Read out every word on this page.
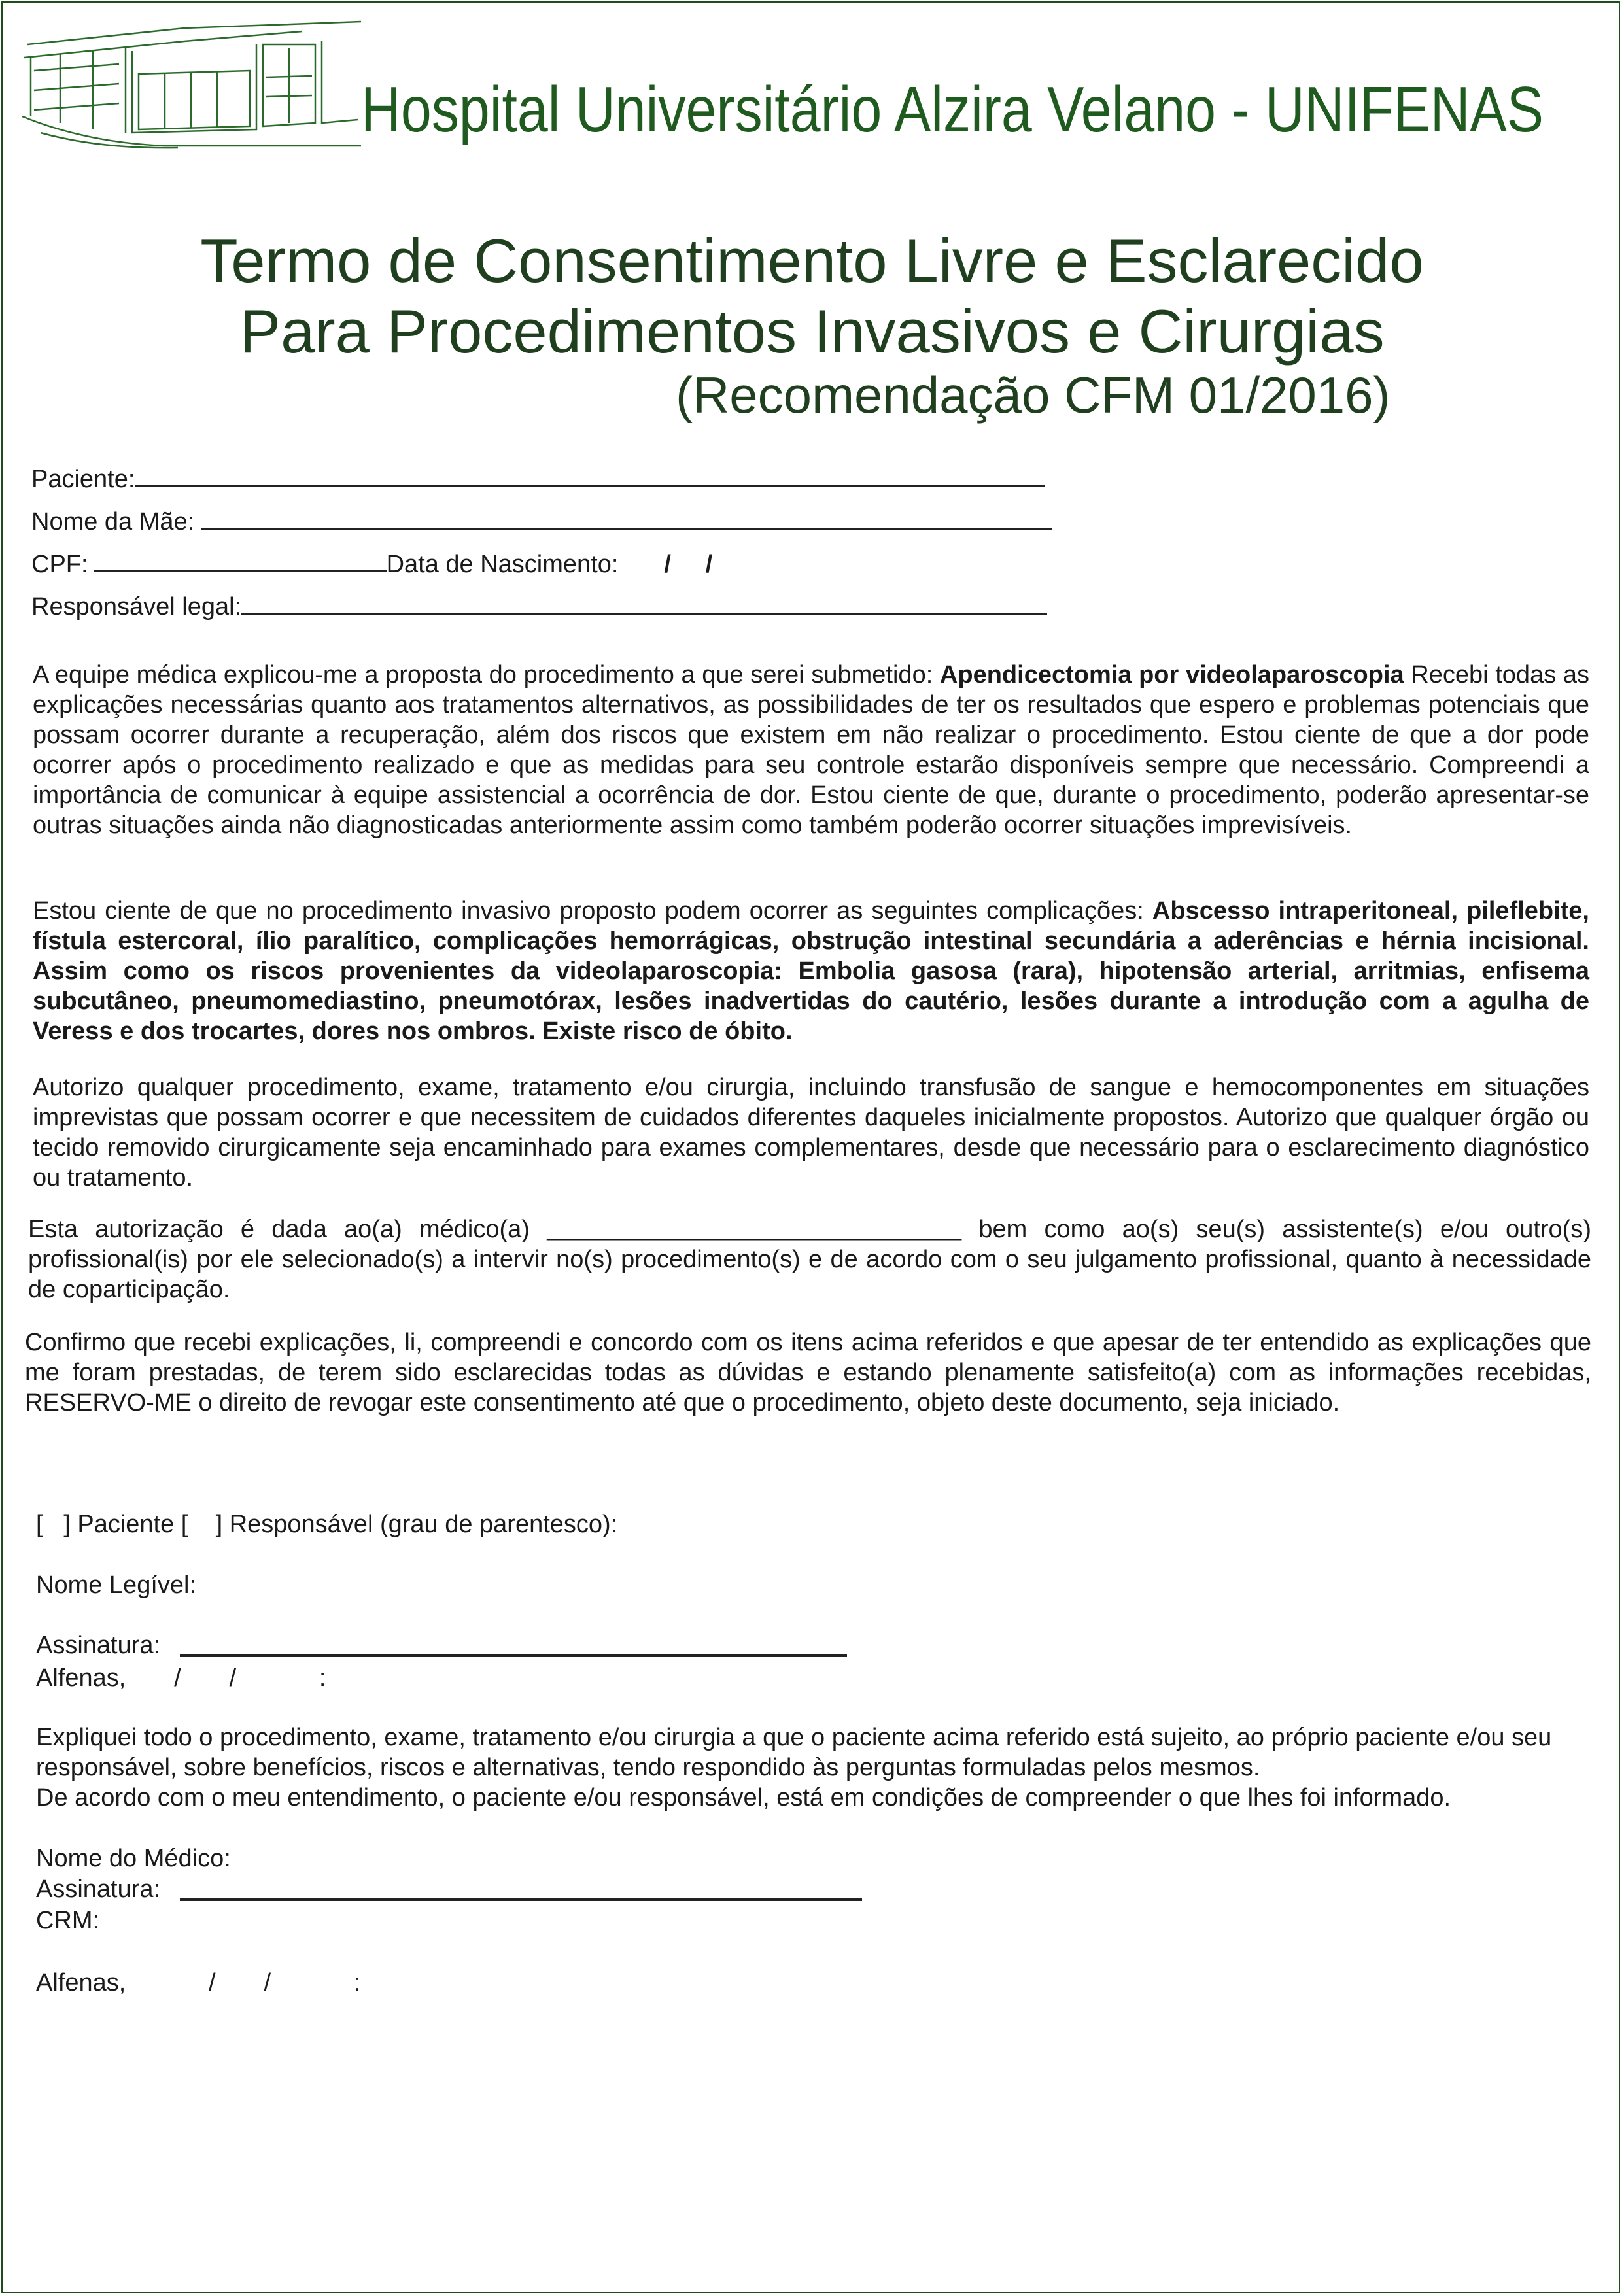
Hospital Universitário Alzira Velano - UNIFENAS
Termo de Consentimento Livre e Esclarecido
Para Procedimentos Invasivos e Cirurgias
(Recomendação CFM 01/2016)
Paciente:
Nome da Mãe:
CPF:	Data de Nascimento: /     /
Responsável legal:
A equipe médica explicou-me a proposta do procedimento a que serei submetido: Apendicectomia por videolaparoscopia Recebi todas as explicações necessárias quanto aos tratamentos alternativos, as possibilidades de ter os resultados que espero e problemas potenciais que possam ocorrer durante a recuperação, além dos riscos que existem em não realizar o procedimento. Estou ciente de que a dor pode ocorrer após o procedimento realizado e que as medidas para seu controle estarão disponíveis sempre que necessário. Compreendi a importância de comunicar à equipe assistencial a ocorrência de dor. Estou ciente de que, durante o procedimento, poderão apresentar-se outras situações ainda não diagnosticadas anteriormente assim como também poderão ocorrer situações imprevisíveis.
Estou ciente de que no procedimento invasivo proposto podem ocorrer as seguintes complicações: Abscesso intraperitoneal, pileflebite, fístula estercoral, ílio paralítico, complicações hemorrágicas, obstrução intestinal secundária a aderências e hérnia incisional. Assim como os riscos provenientes da videolaparoscopia: Embolia gasosa (rara), hipotensão arterial, arritmias, enfisema subcutâneo, pneumomediastino, pneumotórax, lesões inadvertidas do cautério, lesões durante a introdução com a agulha de Veress e dos trocartes, dores nos ombros. Existe risco de óbito.
Autorizo qualquer procedimento, exame, tratamento e/ou cirurgia, incluindo transfusão de sangue e hemocomponentes em situações imprevistas que possam ocorrer e que necessitem de cuidados diferentes daqueles inicialmente propostos. Autorizo que qualquer órgão ou tecido removido cirurgicamente seja encaminhado para exames complementares, desde que necessário para o esclarecimento diagnóstico ou tratamento.
Esta autorização é dada ao(a) médico(a) ______________________________ bem como ao(s) seu(s) assistente(s) e/ou outro(s) profissional(is) por ele selecionado(s) a intervir no(s) procedimento(s) e de acordo com o seu julgamento profissional, quanto à necessidade de coparticipação.
Confirmo que recebi explicações, li, compreendi e concordo com os itens acima referidos e que apesar de ter entendido as explicações que me foram prestadas, de terem sido esclarecidas todas as dúvidas e estando plenamente satisfeito(a) com as informações recebidas, RESERVO-ME o direito de revogar este consentimento até que o procedimento, objeto deste documento, seja iniciado.
[   ] Paciente [    ] Responsável (grau de parentesco):
Nome Legível:
Assinatura:
Alfenas,       /       /            :
Expliquei todo o procedimento, exame, tratamento e/ou cirurgia a que o paciente acima referido está sujeito, ao próprio paciente e/ou seu responsável, sobre benefícios, riscos e alternativas, tendo respondido às perguntas formuladas pelos mesmos.
De acordo com o meu entendimento, o paciente e/ou responsável, está em condições de compreender o que lhes foi informado.
Nome do Médico:
Assinatura:
CRM:
Alfenas,            /       /            :
